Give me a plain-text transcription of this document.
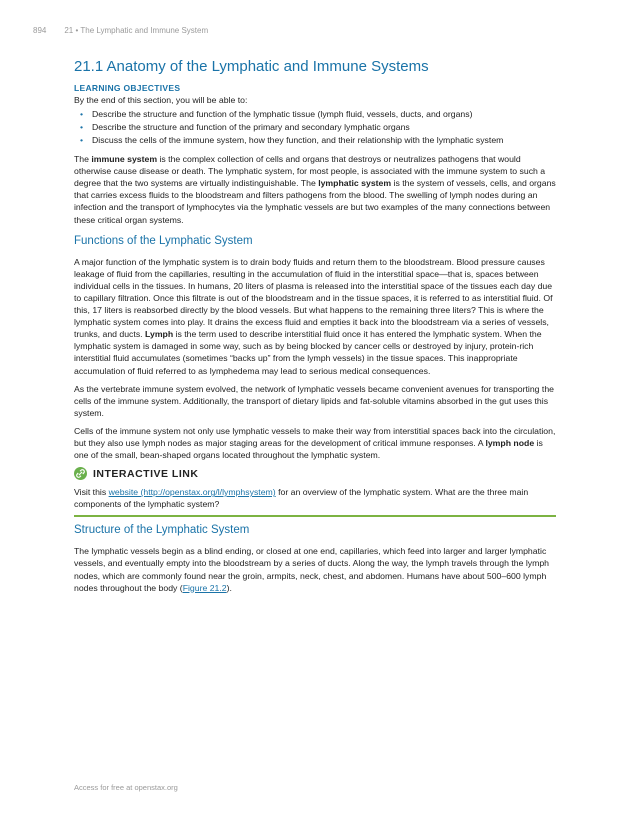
894 21 • The Lymphatic and Immune System
21.1 Anatomy of the Lymphatic and Immune Systems
LEARNING OBJECTIVES

By the end of this section, you will be able to:

• Describe the structure and function of the lymphatic tissue (lymph fluid, vessels, ducts, and organs)
• Describe the structure and function of the primary and secondary lymphatic organs
• Discuss the cells of the immune system, how they function, and their relationship with the lymphatic system

The immune system is the complex collection of cells and organs that destroys or neutralizes pathogens that would otherwise cause disease or death. The lymphatic system, for most people, is associated with the immune system to such a degree that the two systems are virtually indistinguishable. The lymphatic system is the system of vessels, cells, and organs that carries excess fluids to the bloodstream and filters pathogens from the blood. The swelling of lymph nodes during an infection and the transport of lymphocytes via the lymphatic vessels are but two examples of the many connections between these critical organ systems.

Functions of the Lymphatic System

A major function of the lymphatic system is to drain body fluids and return them to the bloodstream. Blood pressure causes leakage of fluid from the capillaries, resulting in the accumulation of fluid in the interstitial space—that is, spaces between individual cells in the tissues. In humans, 20 liters of plasma is released into the interstitial space of the tissues each day due to capillary filtration. Once this filtrate is out of the bloodstream and in the tissue spaces, it is referred to as interstitial fluid. Of this, 17 liters is reabsorbed directly by the blood vessels. But what happens to the remaining three liters? This is where the lymphatic system comes into play. It drains the excess fluid and empties it back into the bloodstream via a series of vessels, trunks, and ducts. Lymph is the term used to describe interstitial fluid once it has entered the lymphatic system. When the lymphatic system is damaged in some way, such as by being blocked by cancer cells or destroyed by injury, protein-rich interstitial fluid accumulates (sometimes “backs up” from the lymph vessels) in the tissue spaces. This inappropriate accumulation of fluid referred to as lymphedema may lead to serious medical consequences.

As the vertebrate immune system evolved, the network of lymphatic vessels became convenient avenues for transporting the cells of the immune system. Additionally, the transport of dietary lipids and fat-soluble vitamins absorbed in the gut uses this system.

Cells of the immune system not only use lymphatic vessels to make their way from interstitial spaces back into the circulation, but they also use lymph nodes as major staging areas for the development of critical immune responses. A lymph node is one of the small, bean-shaped organs located throughout the lymphatic system.

INTERACTIVE LINK

Visit this website (http://openstax.org/l/lymphsystem) for an overview of the lymphatic system. What are the three main components of the lymphatic system?

Structure of the Lymphatic System

The lymphatic vessels begin as a blind ending, or closed at one end, capillaries, which feed into larger and larger lymphatic vessels, and eventually empty into the bloodstream by a series of ducts. Along the way, the lymph travels through the lymph nodes, which are commonly found near the groin, armpits, neck, chest, and abdomen. Humans have about 500–600 lymph nodes throughout the body (Figure 21.2).

Access for free at openstax.org
